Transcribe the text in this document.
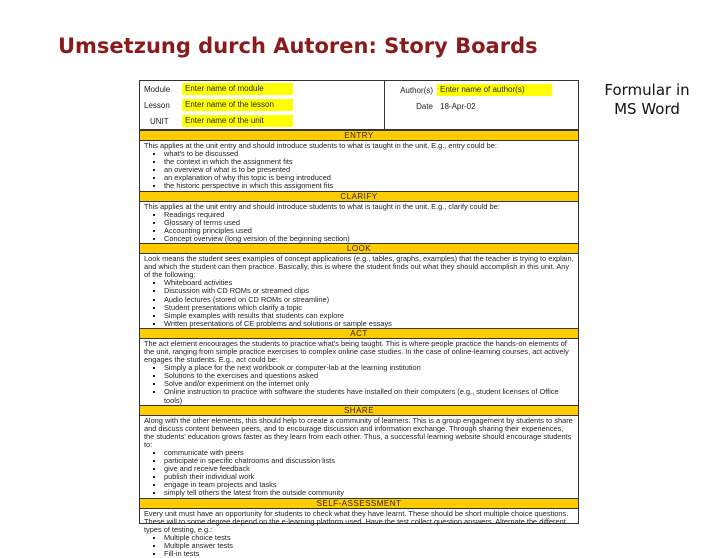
Umsetzung durch Autoren: Story Boards
Formular in
MS Word
Module	Enter name of module
Lesson	Enter name of the lesson
UNIT	Enter name of the unit
Author(s) Enter name of author(s)
Date 18-Apr-02
ENTRY

This applies at the unit entry and should introduce students to what is taught in the unit. E.g., entry could be:

▪ what's to be discussed
▪ the context in which the assignment fits
▪ an overview of what is to be presented
▪ an explanation of why this topic is being introduced
▪ the historic perspective in which this assignment fits
CLARIFY

This applies at the unit entry and should introduce students to what is taught in the unit. E.g., clarify could be:

▪ Readings required
▪ Glossary of terms used
▪ Accounting principles used
▪ Concept overview (long version of the beginning section)
LOOK

Look means the student sees examples of concept applications (e.g., tables, graphs, examples) that the teacher is trying to explain, and which the student can then practice. Basically, this is where the student finds out what they should accomplish in this unit. Any of the following:

▪ Whiteboard activities
▪ Discussion with CD ROMs or streamed clips
▪ Audio lectures (stored on CD ROMs or streamline)
▪ Student presentations which clarify a topic
▪ Simple examples with results that students can explore
▪ Written presentations of CE problems and solutions or sample essays
ACT

The act element encourages the students to practice what's being taught. This is where people practice the hands-on elements of the unit, ranging from simple practice exercises to complex online case studies. In the case of online-learning courses, act actively engages the students. E.g., act could be:

▪ Simply a place for the next workbook or computer-lab at the learning institution
▪ Solutions to the exercises and questions asked
▪ Solve and/or experiment on the internet only
▪ Online instruction to practice with software the students have installed on their computers (e.g., student licenses of Office tools)
SHARE

Along with the other elements, this should help to create a community of learners. This is a group engagement by students to share and discuss content between peers, and to encourage discussion and information exchange. Through sharing their experiences, the students' education grows faster as they learn from each other. Thus, a successful learning website should encourage students to:

▪ communicate with peers
▪ participate in specific chatrooms and discussion lists
▪ give and receive feedback
▪ publish their individual work
▪ engage in team projects and tasks
▪ simply tell others the latest from the outside community
SELF-ASSESSMENT

Every unit must have an opportunity for students to check what they have learnt. These should be short multiple choice questions. These will to some degree depend on the e-learning platform used. Have the test collect question answers. Alternate the different types of testing, e.g.:

▪ Multiple choice tests
▪ Multiple answer tests
▪ Fill-in tests
